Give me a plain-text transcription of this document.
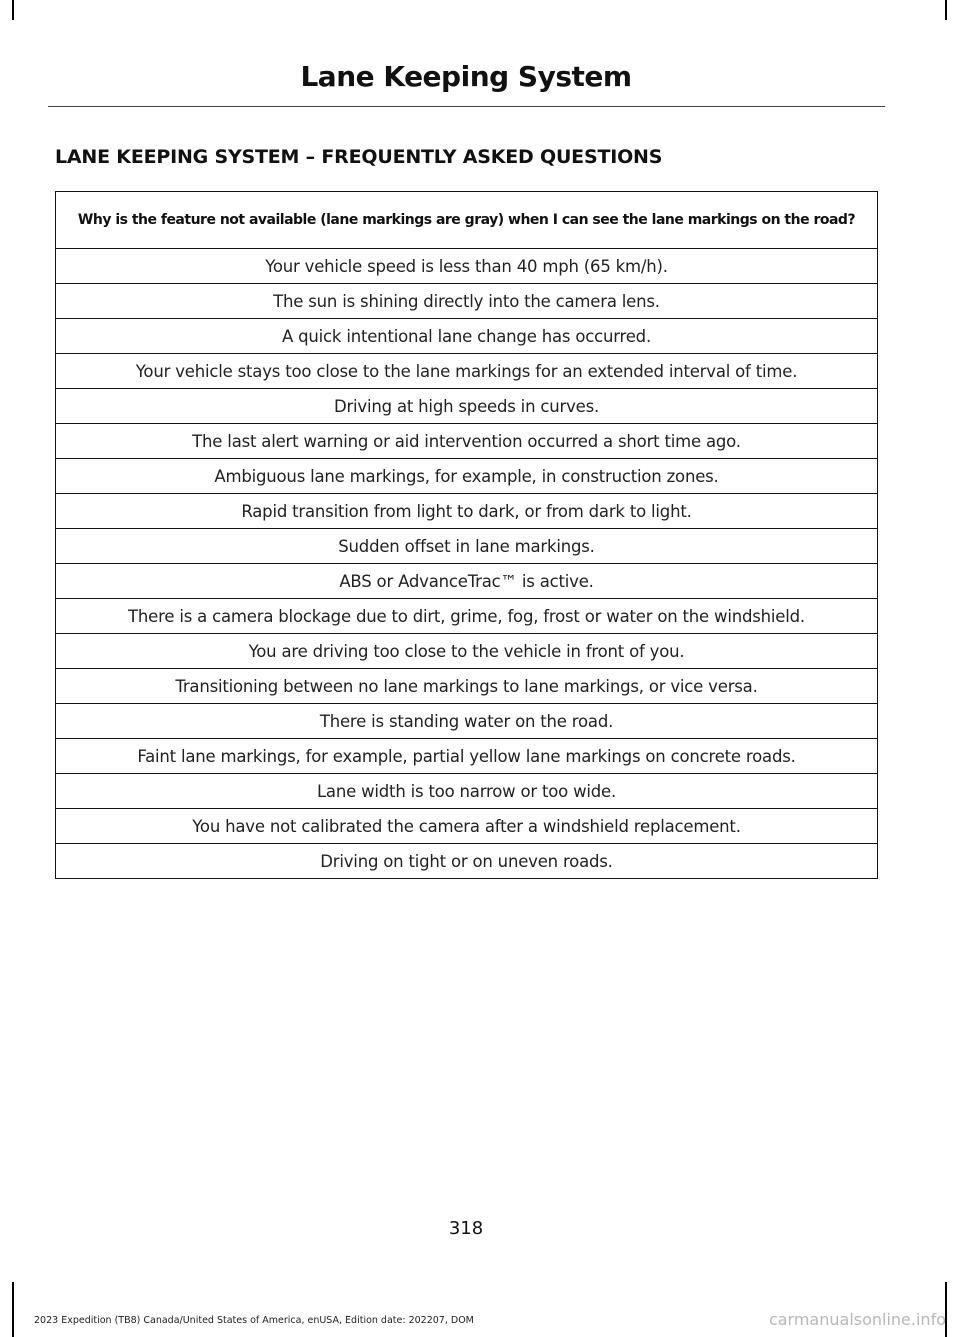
Lane Keeping System
LANE KEEPING SYSTEM – FREQUENTLY ASKED QUESTIONS
Why is the feature not available (lane markings are gray) when I can see the lane markings on the road?
Your vehicle speed is less than 40 mph (65 km/h).
The sun is shining directly into the camera lens.
A quick intentional lane change has occurred.
Your vehicle stays too close to the lane markings for an extended interval of time.
Driving at high speeds in curves.
The last alert warning or aid intervention occurred a short time ago.
Ambiguous lane markings, for example, in construction zones.
Rapid transition from light to dark, or from dark to light.
Sudden offset in lane markings.
ABS or AdvanceTrac™ is active.
There is a camera blockage due to dirt, grime, fog, frost or water on the windshield.
You are driving too close to the vehicle in front of you.
Transitioning between no lane markings to lane markings, or vice versa.
There is standing water on the road.
Faint lane markings, for example, partial yellow lane markings on concrete roads.
Lane width is too narrow or too wide.
You have not calibrated the camera after a windshield replacement.
Driving on tight or on uneven roads.
318
2023 Expedition (TB8) Canada/United States of America, enUSA, Edition date: 202207, DOM	carmanualsonline.info
